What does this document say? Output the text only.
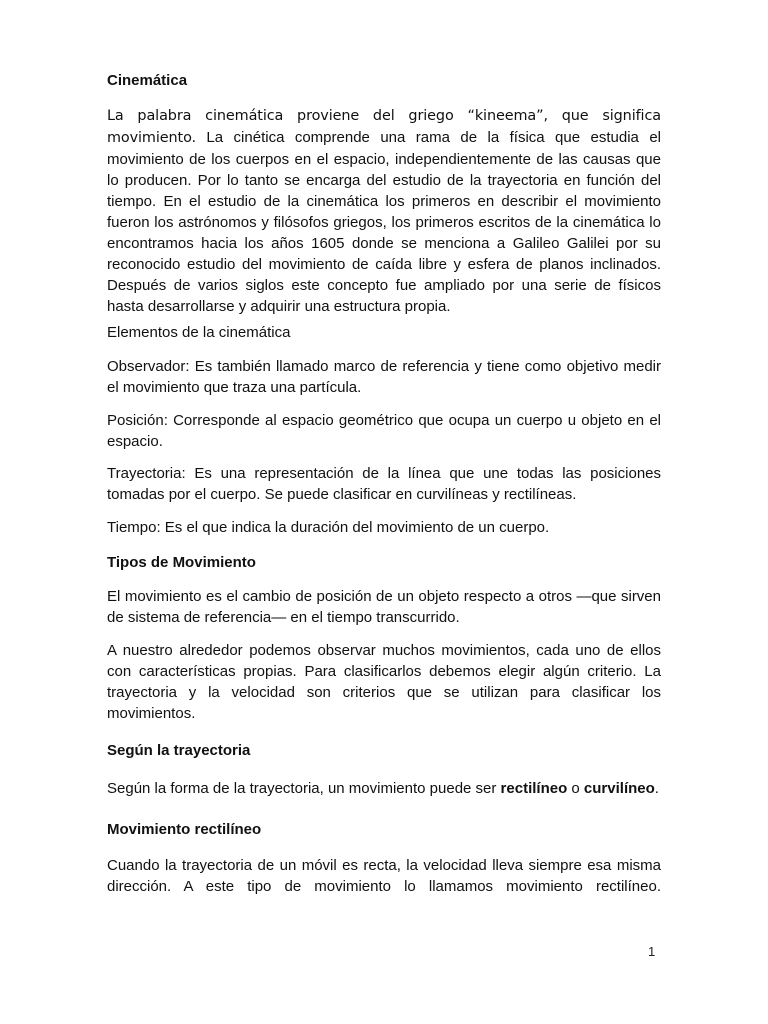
Cinemática

La palabra cinemática proviene del griego “kineema”, que significa movimiento. La cinética comprende una rama de la física que estudia el movimiento de los cuerpos en el espacio, independientemente de las causas que lo producen. Por lo tanto se encarga del estudio de la trayectoria en función del tiempo. En el estudio de la cinemática los primeros en describir el movimiento fueron los astrónomos y filósofos griegos, los primeros escritos de la cinemática lo encontramos hacia los años 1605 donde se menciona a Galileo Galilei por su reconocido estudio del movimiento de caída libre y esfera de planos inclinados. Después de varios siglos este concepto fue ampliado por una serie de físicos hasta desarrollarse y adquirir una estructura propia.

Elementos de la cinemática

Observador: Es también llamado marco de referencia y tiene como objetivo medir el movimiento que traza una partícula.

Posición: Corresponde al espacio geométrico que ocupa un cuerpo u objeto en el espacio.

Trayectoria: Es una representación de la línea que une todas las posiciones tomadas por el cuerpo. Se puede clasificar en curvilíneas y rectilíneas.

Tiempo: Es el que indica la duración del movimiento de un cuerpo.

Tipos de Movimiento

El movimiento es el cambio de posición de un objeto respecto a otros —que sirven de sistema de referencia— en el tiempo transcurrido.

A nuestro alrededor podemos observar muchos movimientos, cada uno de ellos con características propias. Para clasificarlos debemos elegir algún criterio. La trayectoria y la velocidad son criterios que se utilizan para clasificar los movimientos.

Según la trayectoria

Según la forma de la trayectoria, un movimiento puede ser rectilíneo o curvilíneo.

Movimiento rectilíneo

Cuando la trayectoria de un móvil es recta, la velocidad lleva siempre esa misma dirección. A este tipo de movimiento lo llamamos movimiento rectilíneo.

1
